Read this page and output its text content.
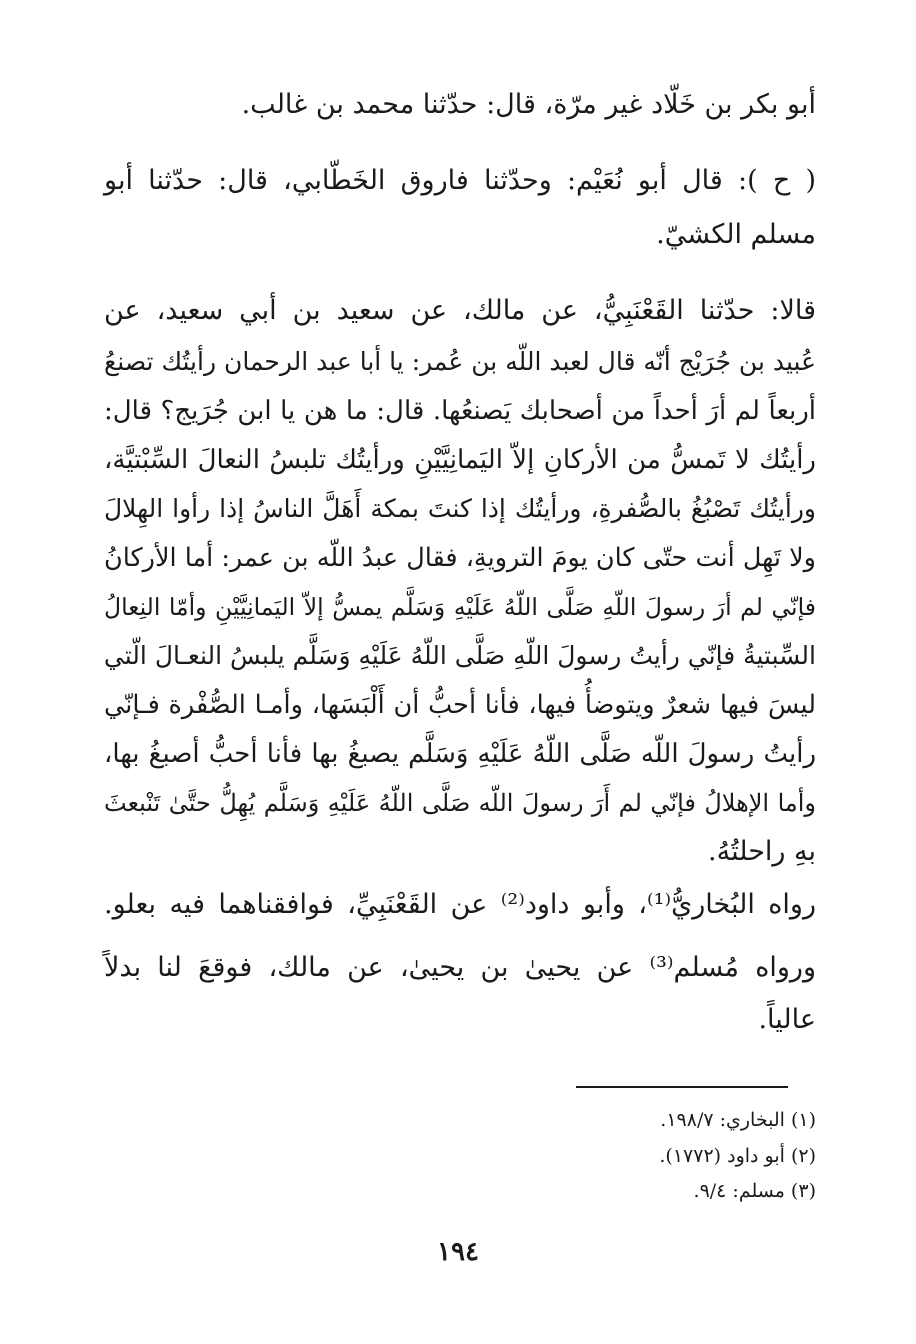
أبو بكر بن خَلّاد غير مرّة، قال: حدّثنا محمد بن غالب.
( ح ): قال أبو نُعَيْم: وحدّثنا فاروق الخَطّابي، قال: حدّثنا أبو
مسلم الكشيّ.
قالا: حدّثنا القَعْنَبِيُّ، عن مالك، عن سعيد بن أبي سعيد، عن
عُبيد بن جُرَيْج أنّه قال لعبد اللّه بن عُمر: يا أبا عبد الرحمان رأيتُك تصنعُ
أربعاً لم أرَ أحداً من أصحابك يَصنعُها. قال: ما هن يا ابن جُرَيج؟ قال:
رأيتُك لا تَمسُّ من الأركانِ إلاّ اليَمانِيَّيْنِ ورأيتُك تلبسُ النعالَ السِّبْتيَّة،
ورأيتُك تَصْبُغُ بالصُّفرةِ، ورأيتُك إذا كنتَ بمكة أَهَلَّ الناسُ إذا رأوا الهِلالَ
ولا تَهِل أنت حتّى كان يومَ الترويةِ، فقال عبدُ اللّه بن عمر: أما الأركانُ
فإنّي لم أرَ رسولَ اللّهِ صَلَّى اللّهُ عَلَيْهِ وَسَلَّم يمسُّ إلاّ اليَمانِيَّيْنِ وأمّا النِعالُ
السِّبتيةُ فإنّي رأيتُ رسولَ اللّهِ صَلَّى اللّهُ عَلَيْهِ وَسَلَّم يلبسُ النعـالَ الّتي
ليسَ فيها شعرٌ ويتوضأُ فيها، فأنا أحبُّ أن أَلْبَسَها، وأمـا الصُّفْرة فـإنّي
رأيتُ رسولَ اللّه صَلَّى اللّهُ عَلَيْهِ وَسَلَّم يصبغُ بها فأنا أحبُّ أصبغُ بها،
وأما الإهلالُ فإنّي لم أَرَ رسولَ اللّه صَلَّى اللّهُ عَلَيْهِ وَسَلَّم يُهِلُّ حتَّىٰ تَنْبعثَ
بهِ راحلتُهُ.
رواه البُخاريُّ⁽¹⁾، وأبو داود⁽²⁾ عن القَعْنَبِيِّ، فوافقناهما فيه بعلو.
ورواه مُسلم⁽³⁾ عن يحيىٰ بن يحيىٰ، عن مالك، فوقعَ لنا بدلاً
عالياً.
(١) البخاري: ١٩٨/٧.
(٢) أبو داود (١٧٧٢).
(٣) مسلم: ٩/٤.
١٩٤
